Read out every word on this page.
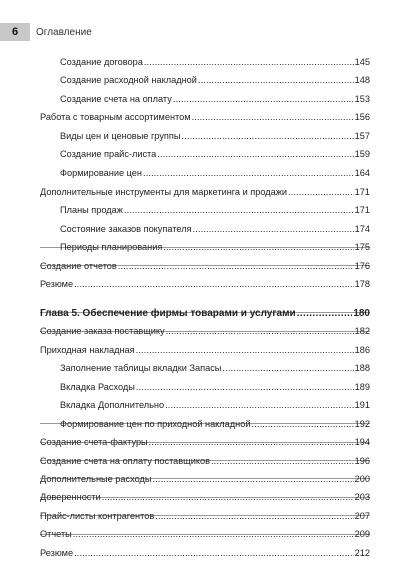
6	Оглавление
Создание договора . . .	145
Создание расходной накладной . . .	148
Создание счета на оплату . . .	153
Работа с товарным ассортиментом . . .	156
Виды цен и ценовые группы . . .	157
Создание прайс-листа . . .	159
Формирование цен . . .	164
Дополнительные инструменты для маркетинга и продажи . . .	171
Планы продаж . . .	171
Состояние заказов покупателя . . .	174
Периоды планирования . . .	175
Создание отчетов . . .	176
Резюме . . .	178
Глава 5. Обеспечение фирмы товарами и услугами . . .	180
Создание заказа поставщику . . .	182
Приходная накладная . . .	186
Заполнение таблицы вкладки Запасы . . .	188
Вкладка Расходы . . .	189
Вкладка Дополнительно . . .	191
Формирование цен по приходной накладной . . .	192
Создание счета-фактуры . . .	194
Создание счета на оплату поставщиков . . .	196
Дополнительные расходы . . .	200
Доверенности . . .	203
Прайс-листы контрагентов . . .	207
Отчеты . . .	209
Резюме . . .	212
